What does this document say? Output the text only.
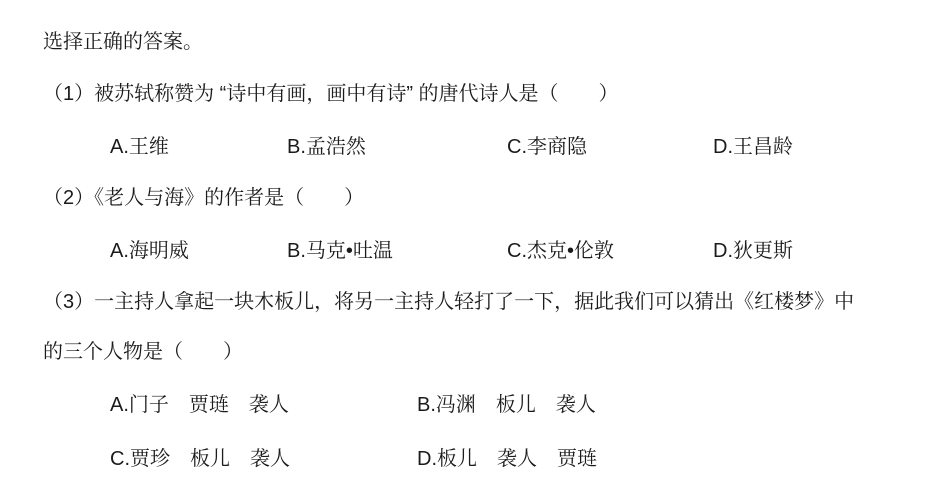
选择正确的答案。
（1）被苏轼称赞为 “诗中有画，画中有诗” 的唐代诗人是（　　）
A.王维	B.孟浩然	C.李商隐	D.王昌龄
（2）《老人与海》的作者是（　　）
A.海明威	B.马克•吐温	C.杰克•伦敦	D.狄更斯
（3）一主持人拿起一块木板儿，将另一主持人轻打了一下，据此我们可以猜出《红楼梦》中
的三个人物是（　　）
A.门子　贾琏　袭人	B.冯渊　板儿　袭人
C.贾珍　板儿　袭人	D.板儿　袭人　贾琏
